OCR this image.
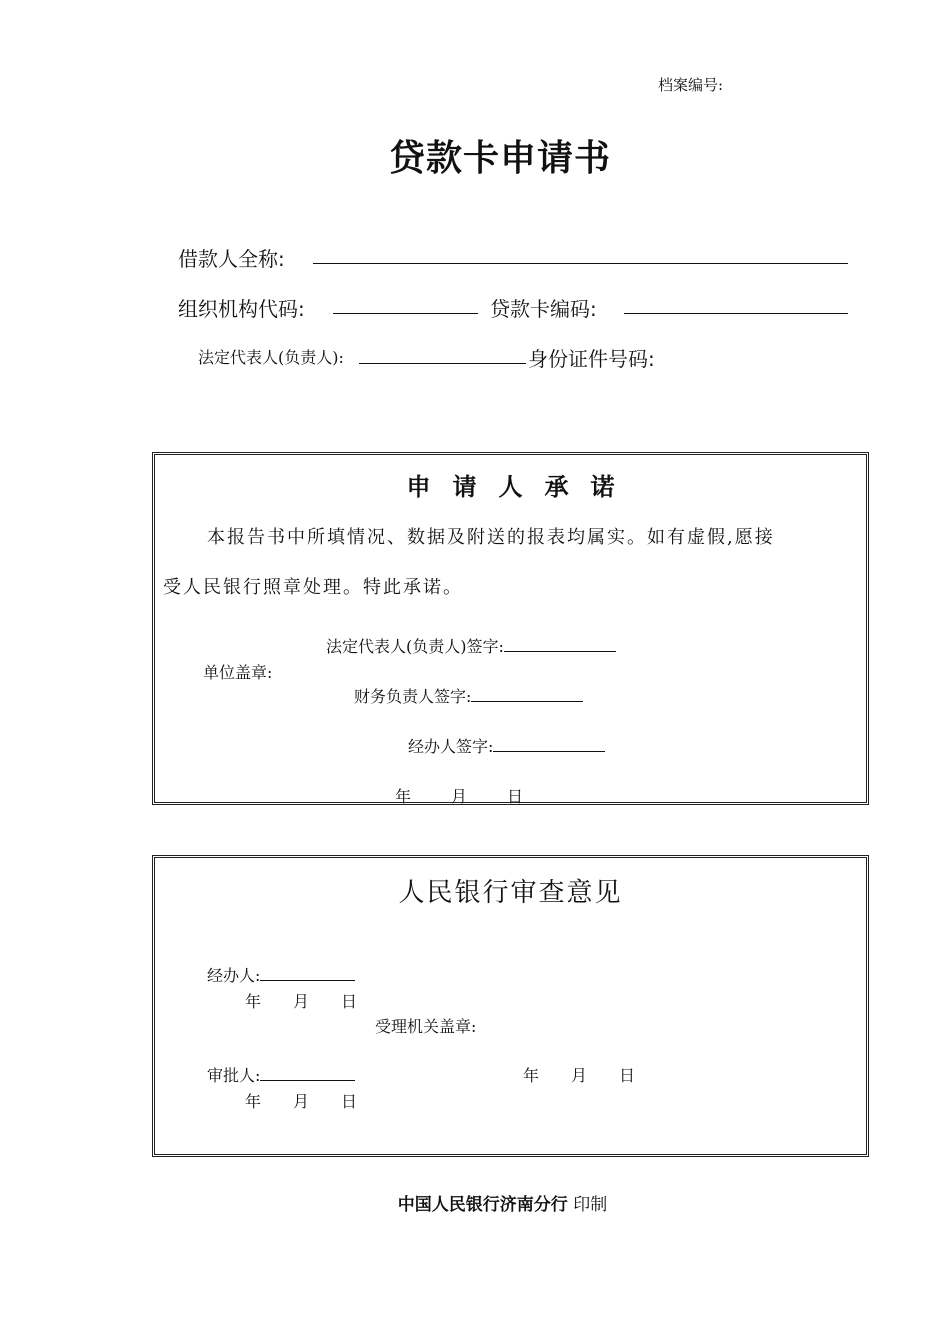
档案编号:
贷款卡申请书
借款人全称:
组织机构代码:	贷款卡编码:
法定代表人(负责人):	身份证件号码:
申请人承诺
本报告书中所填情况、数据及附送的报表均属实。如有虚假,愿接
受人民银行照章处理。特此承诺。
法定代表人(负责人)签字:
单位盖章:
财务负责人签字:
经办人签字:
年	月	日
人民银行审查意见
经办人:
年 月 日
受理机关盖章:
审批人:	年 月 日
年 月 日
中国人民银行济南分行 印制
